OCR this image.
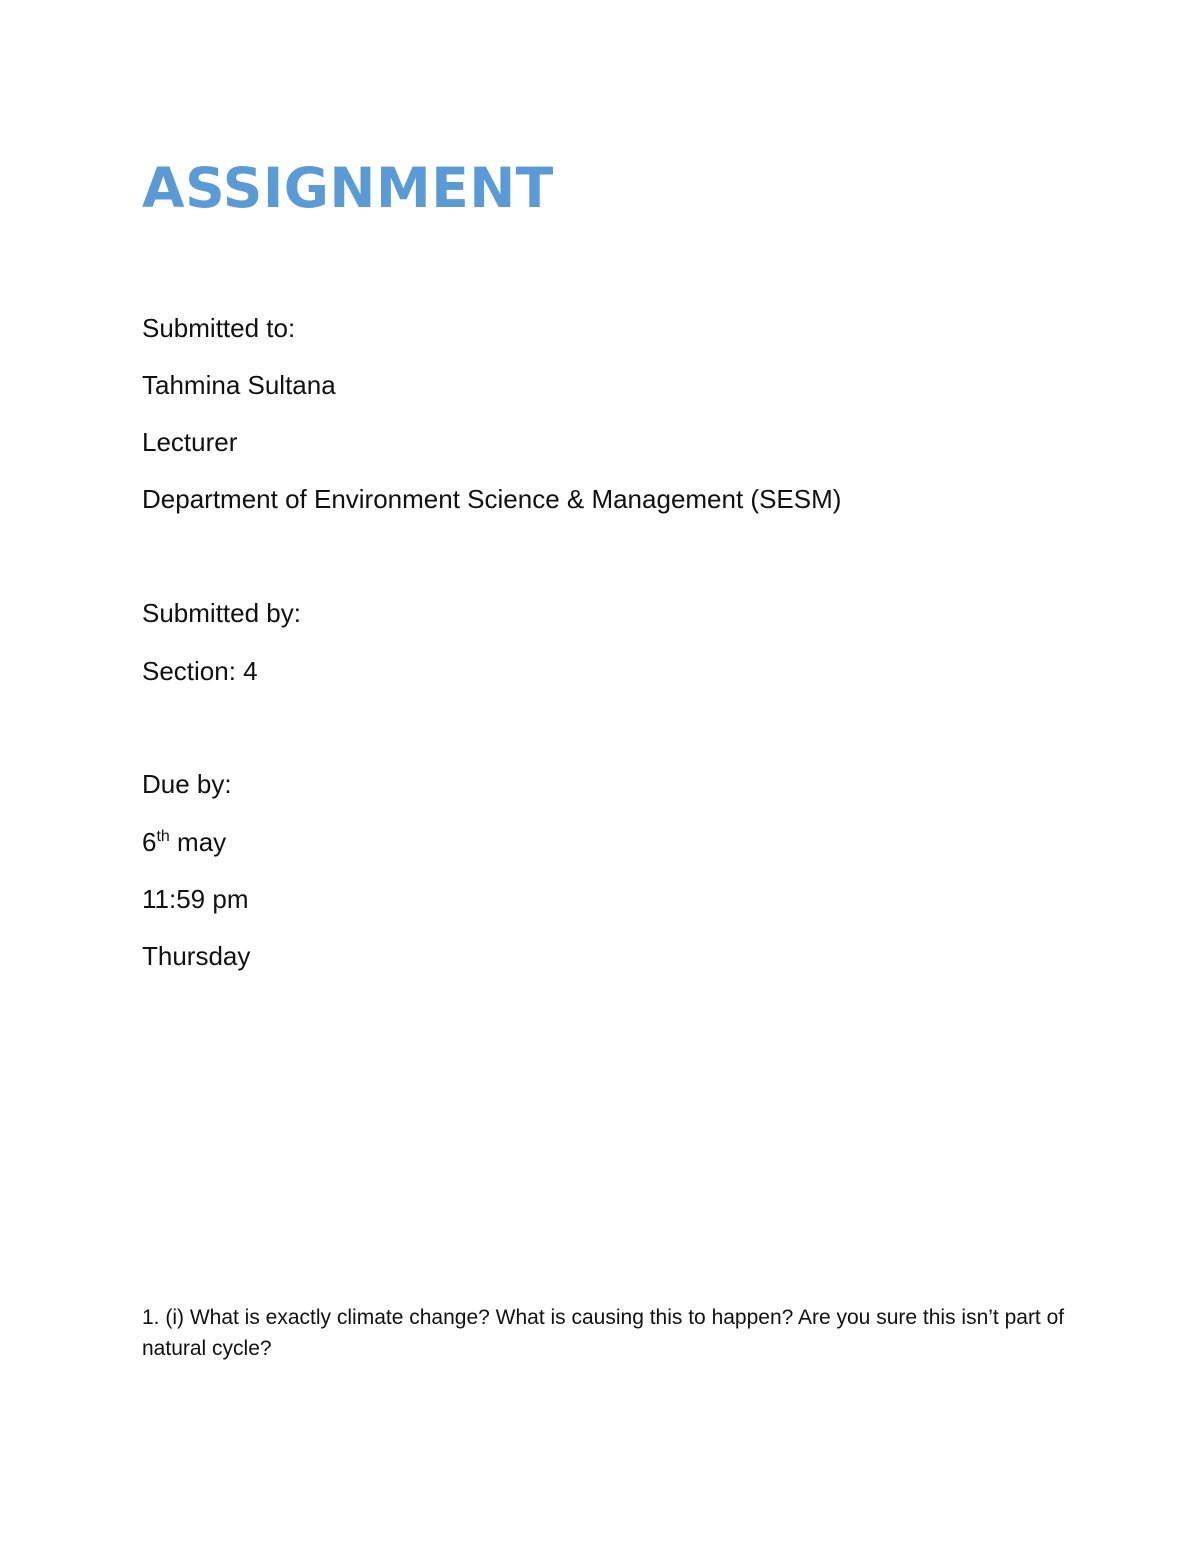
ASSIGNMENT
Submitted to:
Tahmina Sultana
Lecturer
Department of Environment Science & Management (SESM)
Submitted by:
Section: 4
Due by:
6th may
11:59 pm
Thursday
1. (i) What is exactly climate change? What is causing this to happen? Are you sure this isn’t part of natural cycle?
